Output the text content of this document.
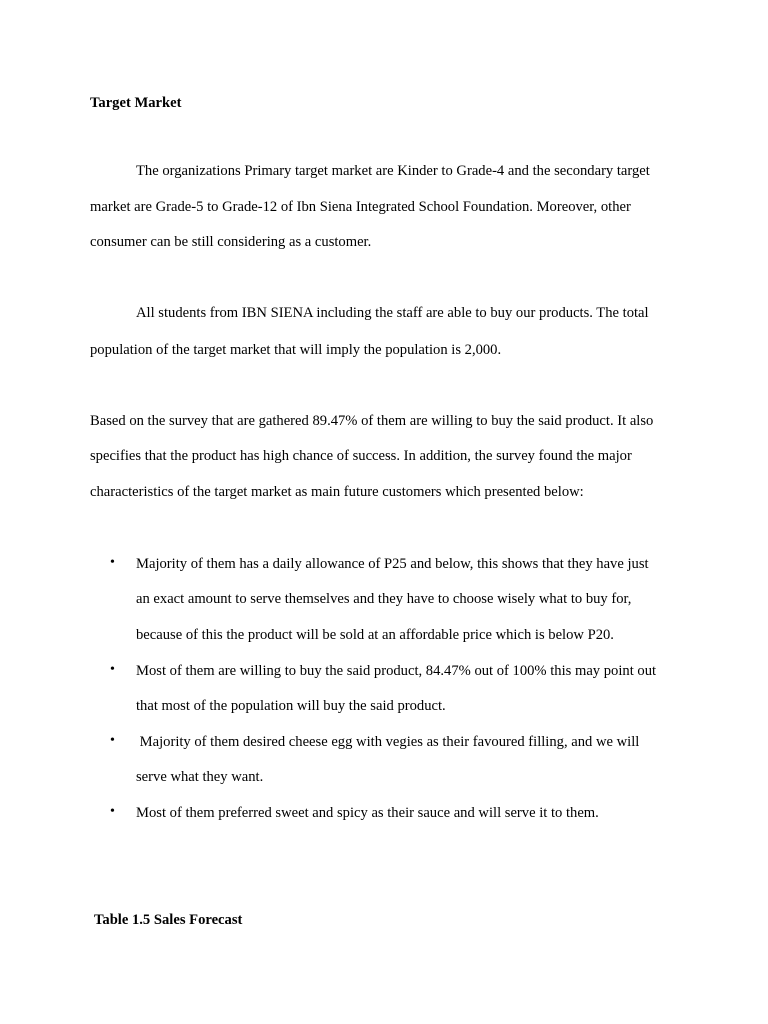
Target Market
The organizations Primary target market are Kinder to Grade-4 and the secondary target
market are Grade-5 to Grade-12 of Ibn Siena Integrated School Foundation. Moreover, other
consumer can be still considering as a customer.
All students from IBN SIENA including the staff are able to buy our products. The total
population of the target market that will imply the population is 2,000.
Based on the survey that are gathered 89.47% of them are willing to buy the said product. It also
specifies that the product has high chance of success. In addition, the survey found the major
characteristics of the target market as main future customers which presented below:
• Majority of them has a daily allowance of P25 and below, this shows that they have just
an exact amount to serve themselves and they have to choose wisely what to buy for,
because of this the product will be sold at an affordable price which is below P20.
• Most of them are willing to buy the said product, 84.47% out of 100% this may point out
that most of the population will buy the said product.
• Majority of them desired cheese egg with vegies as their favoured filling, and we will
serve what they want.
• Most of them preferred sweet and spicy as their sauce and will serve it to them.
Table 1.5 Sales Forecast
